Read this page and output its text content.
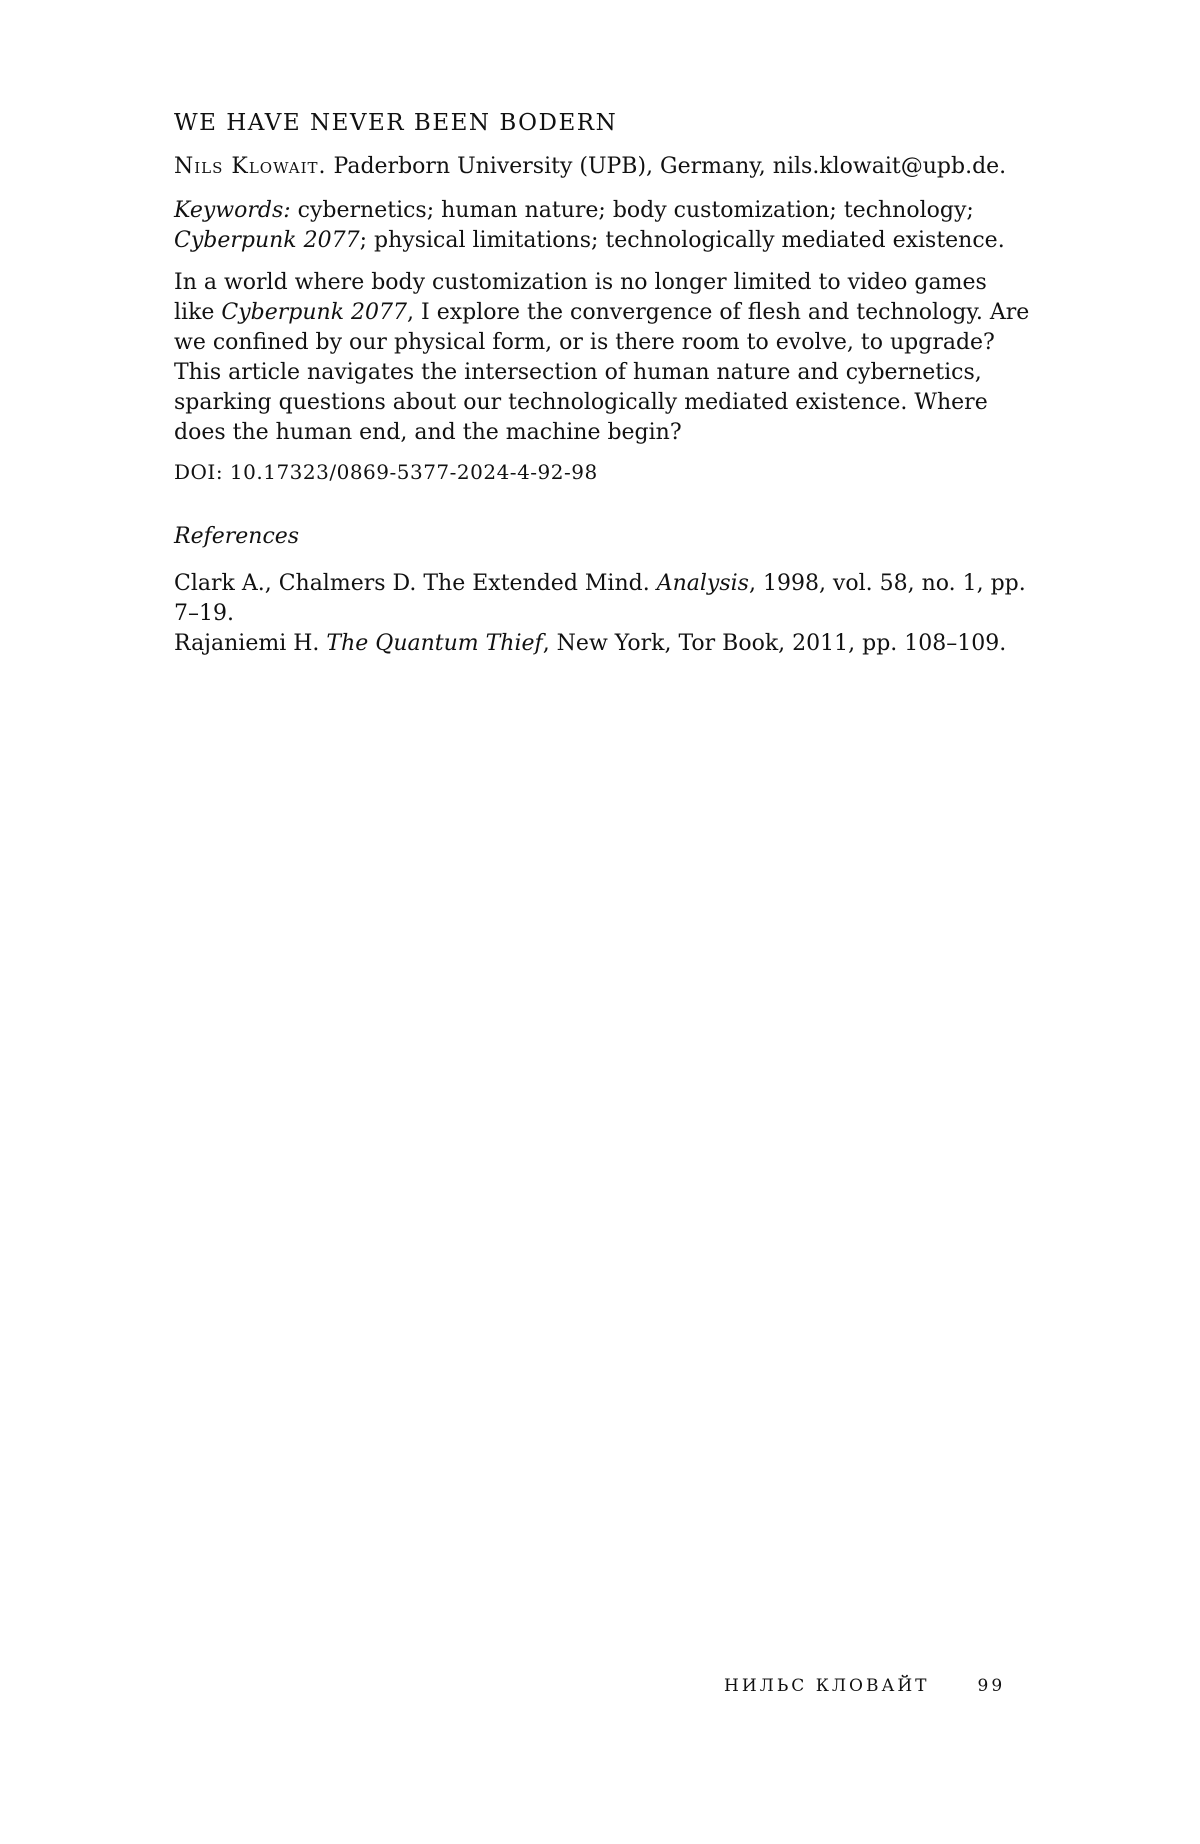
WE HAVE NEVER BEEN BODERN

Nils Klowait. Paderborn University (UPB), Germany, nils.klowait@upb.de.

Keywords: cybernetics; human nature; body customization; technology; Cyberpunk 2077; physical limitations; technologically mediated existence.

In a world where body customization is no longer limited to video games like Cyberpunk 2077, I explore the convergence of flesh and technology. Are we confined by our physical form, or is there room to evolve, to upgrade? This article navigates the intersection of human nature and cybernetics, sparking questions about our technologically mediated existence. Where does the human end, and the machine begin?

DOI: 10.17323/0869-5377-2024-4-92-98

References

Clark A., Chalmers D. The Extended Mind. Analysis, 1998, vol. 58, no. 1, pp. 7–19.

Rajaniemi H. The Quantum Thief, New York, Tor Book, 2011, pp. 108–109.

НИЛЬС КЛОВАЙТ	99
